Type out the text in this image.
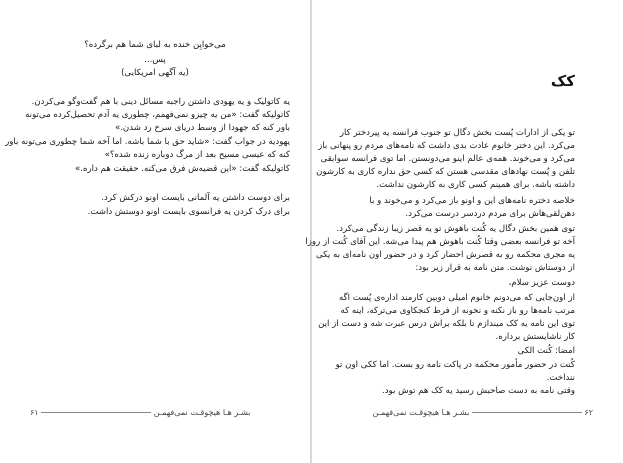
می‌خوایِن خنده به لبای شما هم برگرده؟
پس...
(یه آگهی امریکایی)
یه کاتولیک و یه یهودی داشتن راجبه مسائل دینی با هم گفت‌وگو می‌کردن.
کاتولیکه گفت: «من یه چیزو نمی‌فهمم، چطوری یه آدم تحصیل‌کرده می‌تونه
باور کنه که جهودا از وسط دریای سرخ رد شدن.»
یهودیه در جواب گفت: «شاید حق با شما باشه. اما آخه شما چطوری می‌تونه باور
کنه که عیسی مسیح بعد از مرگ دوباره زنده شده؟»
کاتولیکه گفت: «این قضیه‌ش فرق می‌کنه. حقیقت هم داره.»
برای دوست داشتن یه آلمانی بایست اونو درکش کرد.
برای درک کردن یه فرانسوی بایست اونو دوستش داشت.
بشـر هـا هیچوقـت نمی‌فهمـن  ۶۱
کک
تو یکی از ادارات پُست بخش دگال تو جنوب فرانسه یه پیردختر کار
می‌کرد. این دختر خانوم عادت بدی داشت که نامه‌های مردم رو پنهانی باز
می‌کرد و می‌خوند. همه‌ی عالم اینو می‌دونستن. اما توی فرانسه سوابقی
تلفن و پُست نهادهای مقدسی هستن که کسی حق نداره کاری به کارشون
داشته باشه. برای همینم کسی کاری به کارشون نداشت.
خلاصه دختره نامه‌های این و اونو باز می‌کرد و می‌خوند و با
دهن‌لقی‌هاش برای مردم دردسر درست می‌کرد.
توی همین بخش دگال یه کُنت باهوش تو یه قصر زیبا زندگی می‌کرد.
آخه تو فرانسه بعضی وقتا کُنت باهوش هم پیدا می‌شه. این آقای کُنت از روزا
یه مجری محکمه رو به قصرش احضار کرد و در حضور اون نامه‌ای به یکی
از دوستاش نوشت. متن نامه به قرار زیر بود:
دوست عزیز سلام،
از اون‌جایی که می‌دونم خانوم امیلی دوبین کارمند اداره‌ی پُست اگه
مرتب نامه‌ها رو باز نکنه و نخونه از فرط کنجکاوی می‌ترکه، اینه که
توی این نامه یه کک میندازم تا بلکه براش درس عبرت شه و دست از این
کار ناشایستش برداره.
امضا: کُنت الکی
کُنت در حضور مأمور محکمه در پاکت نامه رو بست. اما ککی اون تو
ننداخت.
وقتی نامه به دست صاحبش رسید یه کک هم توش بود.
۶۲  بشـر هـا هیچوقـت نمی‌فهمـن
